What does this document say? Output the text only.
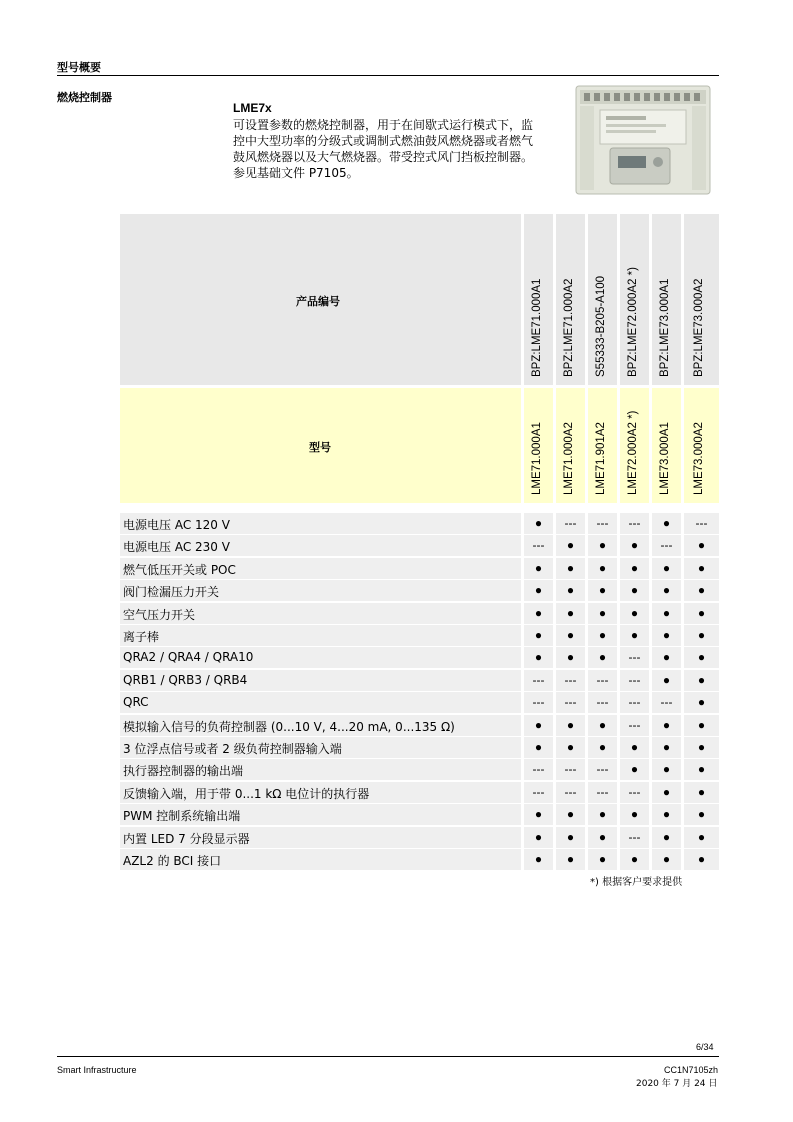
型号概要
燃烧控制器
LME7x
可设置参数的燃烧控制器，用于在间歇式运行模式下，监
控中大型功率的分级式或调制式燃油鼓风燃烧器或者燃气
鼓风燃烧器以及大气燃烧器。带受控式风门挡板控制器。
参见基础文件 P7105。
产品编号	BPZ:LME71.000A1 BPZ:LME71.000A2 S55333-B205-A100 BPZ:LME72.000A2 *) BPZ:LME73.000A1 BPZ:LME73.000A2
型号	LME71.000A1 LME71.000A2 LME71.901A2 LME72.000A2 *) LME73.000A1 LME73.000A2
电源电压 AC 120 V	●	---	---	---	●	---
电源电压 AC 230 V	---	●	●	●	---	●
燃气低压开关或 POC	●	●	●	●	●	●
阀门检漏压力开关	●	●	●	●	●	●
空气压力开关	●	●	●	●	●	●
离子棒	●	●	●	●	●	●
QRA2 / QRA4 / QRA10	●	●	●	---	●	●
QRB1 / QRB3 / QRB4	---	---	---	---	●	●
QRC	---	---	---	---	---	●
模拟输入信号的负荷控制器 (0...10 V, 4...20 mA, 0...135 Ω)	●	●	●	---	●	●
3 位浮点信号或者 2 级负荷控制器输入端	●	●	●	●	●	●
执行器控制器的输出端	---	---	---	●	●	●
反馈输入端，用于带 0...1 kΩ 电位计的执行器	---	---	---	---	●	●
PWM 控制系统输出端	●	●	●	●	●	●
内置 LED 7 分段显示器	●	●	●	---	●	●
AZL2 的 BCI 接口	●	●	●	●	●	●
*) 根据客户要求提供
6/34
Smart Infrastructure	CC1N7105zh
2020 年 7 月 24 日
